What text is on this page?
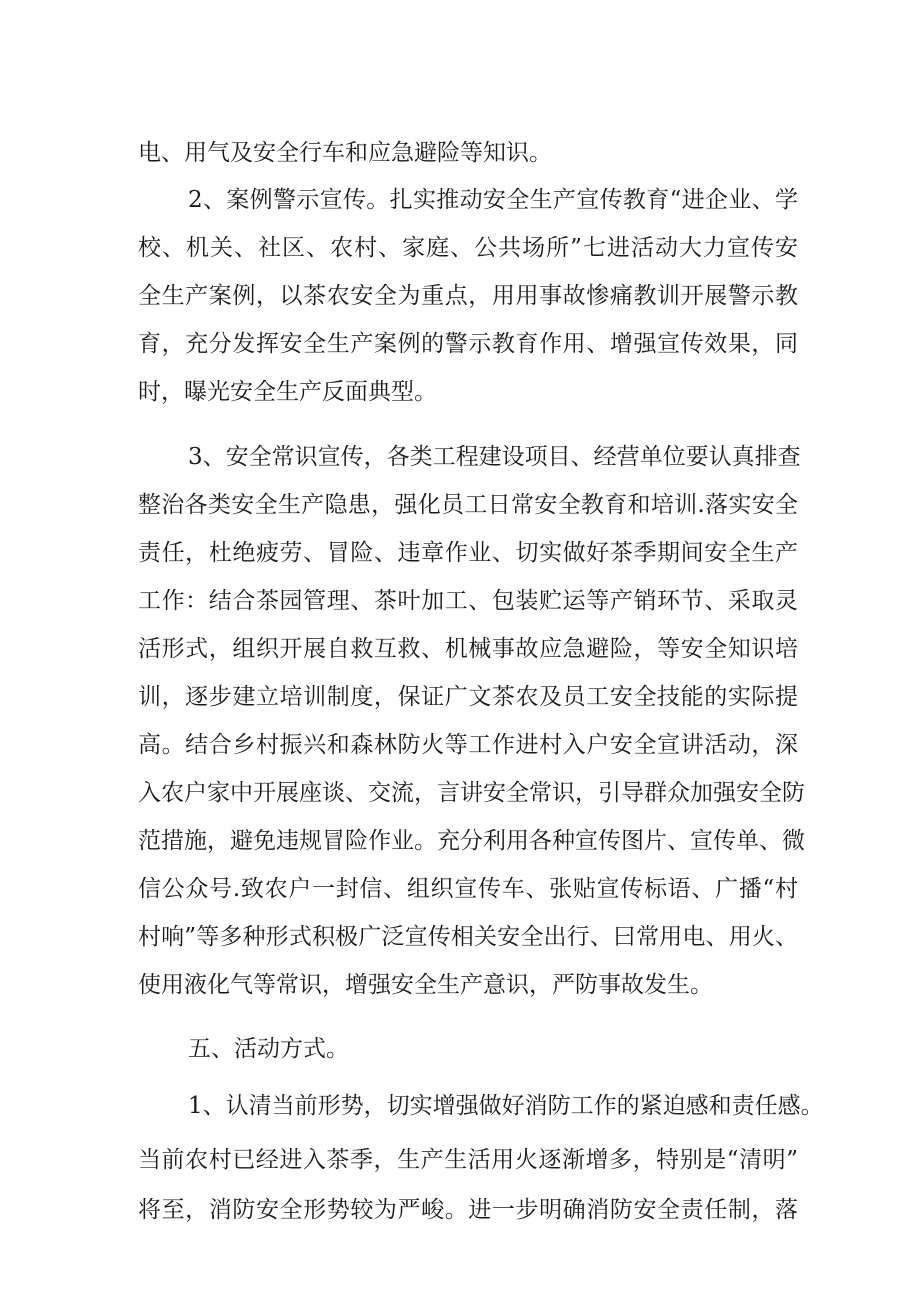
电、用气及安全行车和应急避险等知识。
2、案例警示宣传。扎实推动安全生产宣传教育“进企业、学
校、机关、社区、农村、家庭、公共场所”七进活动大力宣传安
全生产案例，以茶农安全为重点，用用事故惨痛教训开展警示教
育，充分发挥安全生产案例的警示教育作用、增强宣传效果，同
时，曝光安全生产反面典型。
3、安全常识宣传，各类工程建设项目、经营单位要认真排查
整治各类安全生产隐患，强化员工日常安全教育和培训.落实安全
责任，杜绝疲劳、冒险、违章作业、切实做好茶季期间安全生产
工作：结合茶园管理、茶叶加工、包装贮运等产销环节、采取灵
活形式，组织开展自救互救、机械事故应急避险，等安全知识培
训，逐步建立培训制度，保证广文茶农及员工安全技能的实际提
高。结合乡村振兴和森林防火等工作进村入户安全宣讲活动，深
入农户家中开展座谈、交流，言讲安全常识，引导群众加强安全防
范措施，避免违规冒险作业。充分利用各种宣传图片、宣传单、微
信公众号.致农户一封信、组织宣传车、张贴宣传标语、广播“村
村响”等多种形式积极广泛宣传相关安全出行、曰常用电、用火、
使用液化气等常识，增强安全生产意识，严防事故发生。
五、活动方式。
1、认清当前形势，切实增强做好消防工作的紧迫感和责任感。
当前农村已经进入茶季，生产生活用火逐渐增多，特别是“清明”
将至，消防安全形势较为严峻。进一步明确消防安全责任制，落
